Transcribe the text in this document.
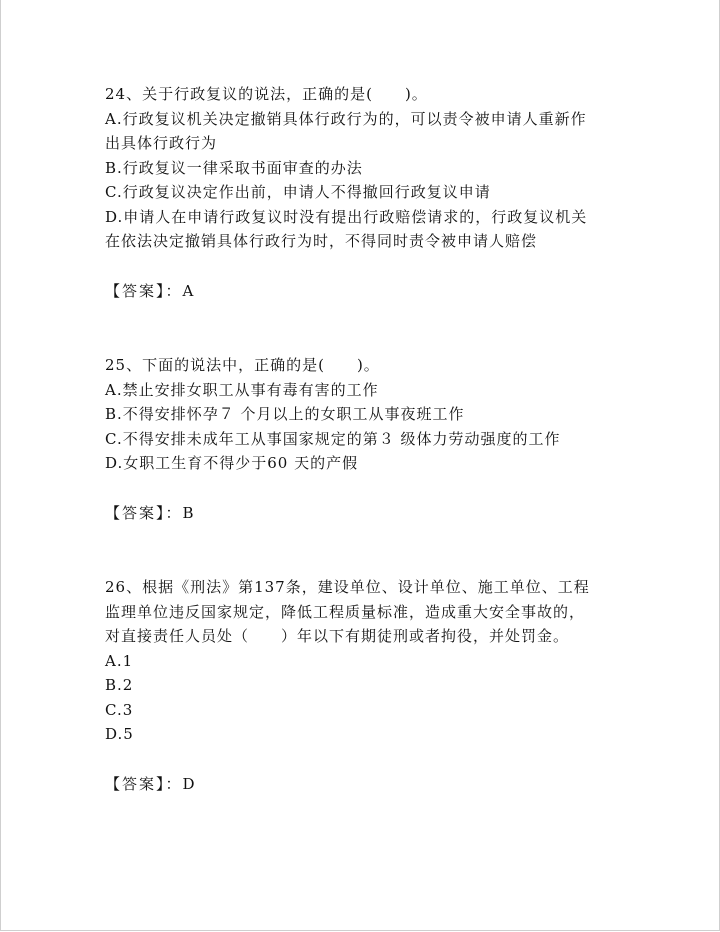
24、关于行政复议的说法，正确的是(　　)。
A.行政复议机关决定撤销具体行政行为的，可以责令被申请人重新作
出具体行政行为
B.行政复议一律采取书面审查的办法
C.行政复议决定作出前，申请人不得撤回行政复议申请
D.申请人在申请行政复议时没有提出行政赔偿请求的，行政复议机关
在依法决定撤销具体行政行为时，不得同时责令被申请人赔偿
【答案】：A
25、下面的说法中，正确的是(　　)。
A.禁止安排女职工从事有毒有害的工作
B.不得安排怀孕７ 个月以上的女职工从事夜班工作
C.不得安排未成年工从事国家规定的第３ 级体力劳动强度的工作
D.女职工生育不得少于60 天的产假
【答案】：B
26、根据《刑法》第137条，建设单位、设计单位、施工单位、工程
监理单位违反国家规定，降低工程质量标准，造成重大安全事故的，
对直接责任人员处（　　）年以下有期徒刑或者拘役，并处罚金。
A.1
B.2
C.3
D.5
【答案】：D
